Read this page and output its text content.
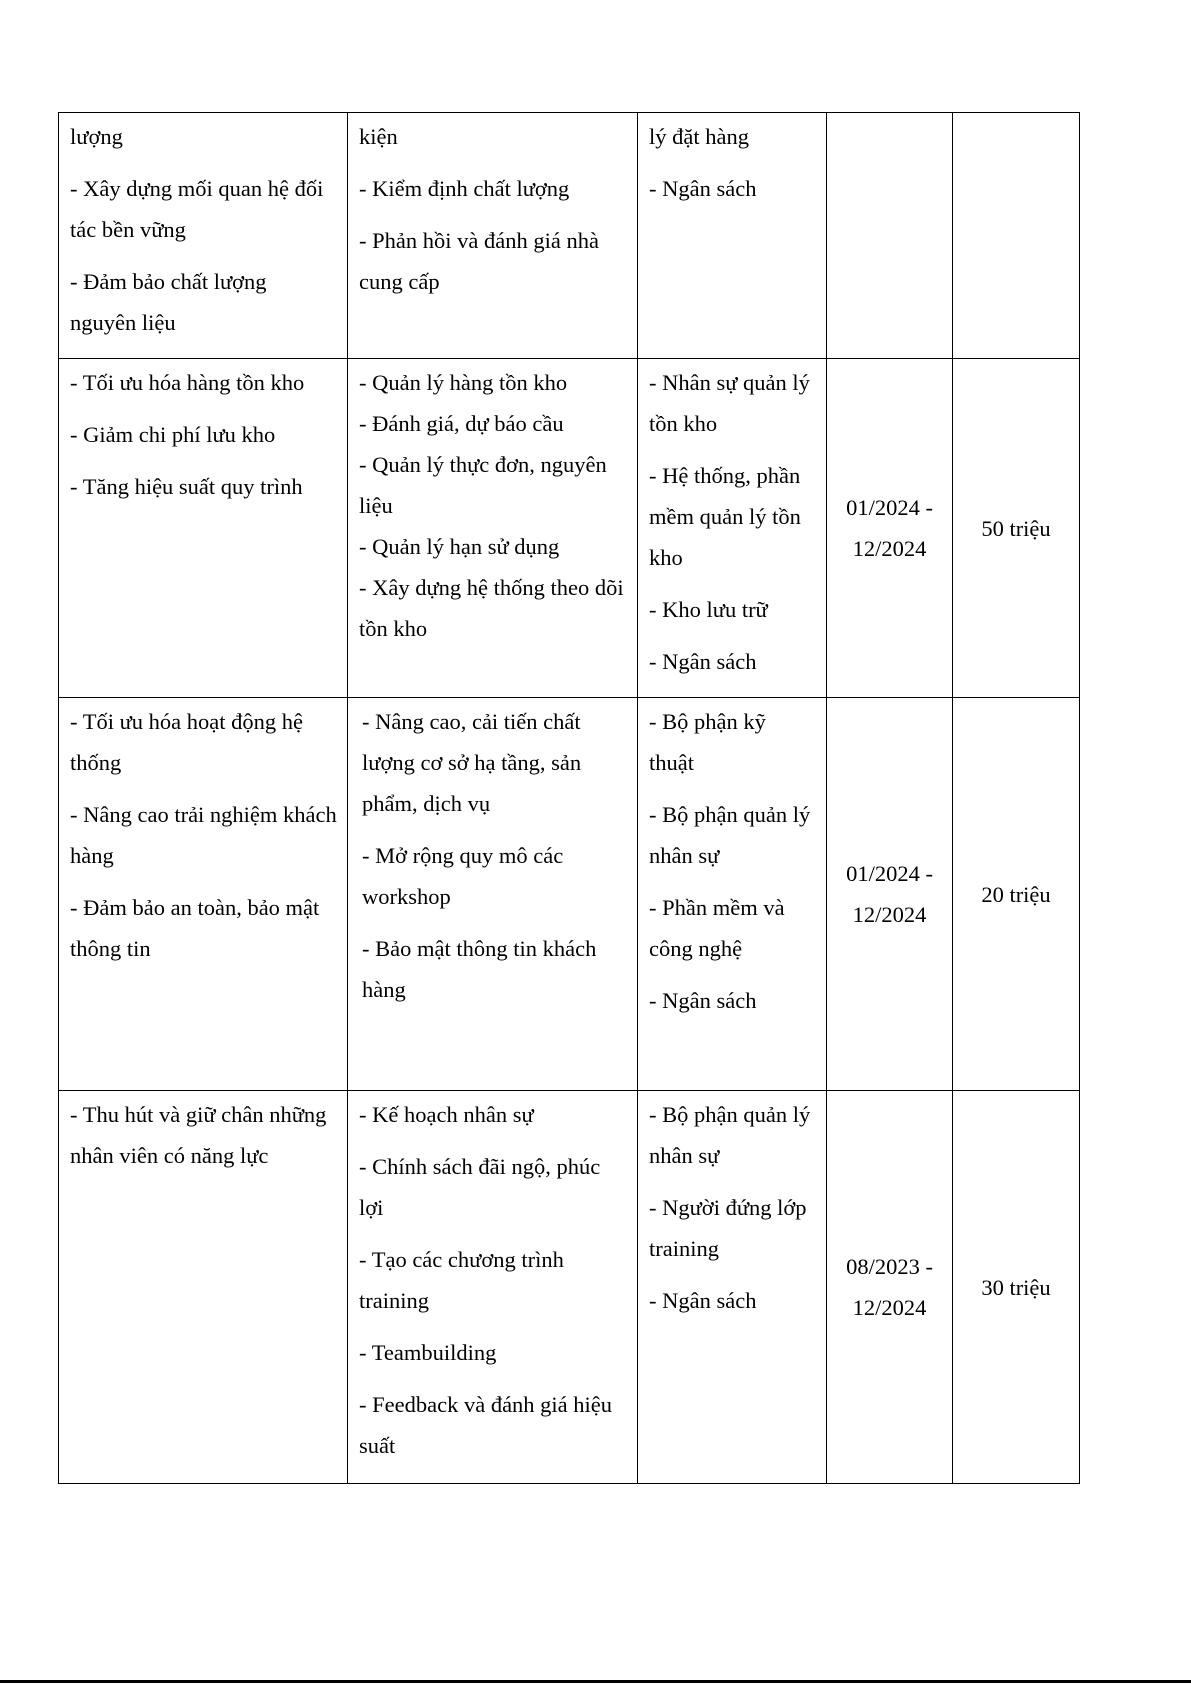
lượng
- Xây dựng mối quan hệ đối tác bền vững
- Đảm bảo chất lượng nguyên liệu	kiện
- Kiểm định chất lượng
- Phản hồi và đánh giá nhà cung cấp	lý đặt hàng
- Ngân sách		

- Tối ưu hóa hàng tồn kho
- Giảm chi phí lưu kho
- Tăng hiệu suất quy trình	- Quản lý hàng tồn kho
- Đánh giá, dự báo cầu
- Quản lý thực đơn, nguyên liệu
- Quản lý hạn sử dụng
- Xây dựng hệ thống theo dõi tồn kho	- Nhân sự quản lý tồn kho
- Hệ thống, phần mềm quản lý tồn kho
- Kho lưu trữ
- Ngân sách	01/2024 - 12/2024	50 triệu

- Tối ưu hóa hoạt động hệ thống
- Nâng cao trải nghiệm khách hàng
- Đảm bảo an toàn, bảo mật thông tin	- Nâng cao, cải tiến chất lượng cơ sở hạ tầng, sản phẩm, dịch vụ
- Mở rộng quy mô các workshop
- Bảo mật thông tin khách hàng	- Bộ phận kỹ thuật
- Bộ phận quản lý nhân sự
- Phần mềm và công nghệ
- Ngân sách	01/2024 - 12/2024	20 triệu

- Thu hút và giữ chân những nhân viên có năng lực	- Kế hoạch nhân sự
- Chính sách đãi ngộ, phúc lợi
- Tạo các chương trình training
- Teambuilding
- Feedback và đánh giá hiệu suất	- Bộ phận quản lý nhân sự
- Người đứng lớp training
- Ngân sách	08/2023 - 12/2024	30 triệu
